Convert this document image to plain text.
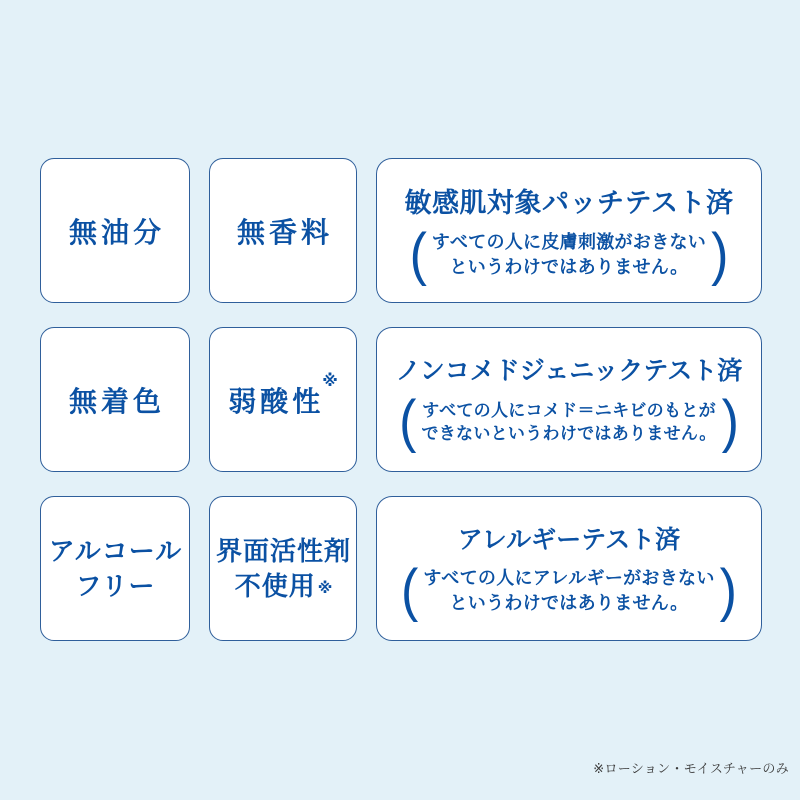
無油分	無香料
敏感肌対象パッチテスト済
( すべての人に皮膚刺激がおきない
というわけではありません。 )
無着色 弱酸性
※ ノンコメドジェニックテスト済
( すべての人にコメド＝ニキビのもとが
できないというわけではありません。 )
アルコール
フリー
界面活性剤
不使用 ※
アレルギーテスト済
( すべての人にアレルギーがおきない
というわけではありません。 )
※ローション・モイスチャーのみ
